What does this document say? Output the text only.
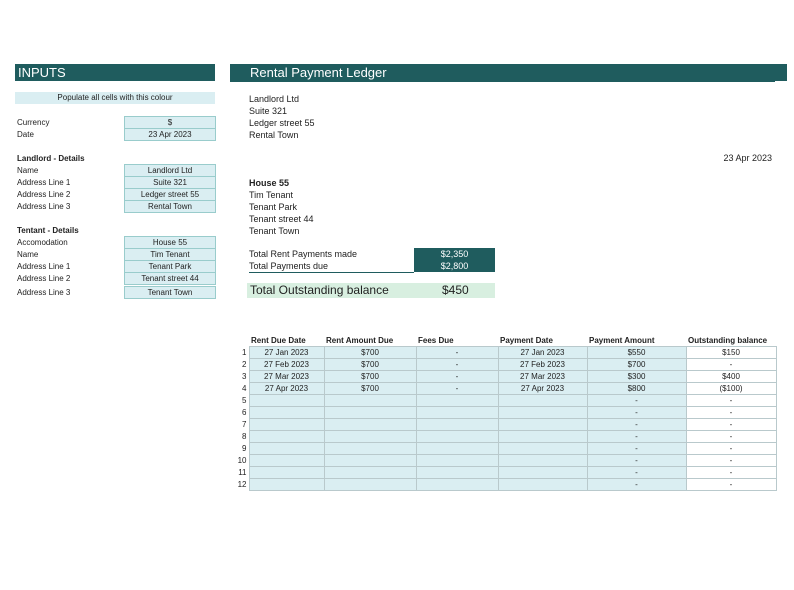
INPUTS
Populate all cells with this colour
Currency	$
Date	23 Apr 2023
Landlord - Details
Name	Landlord Ltd
Address Line 1	Suite 321
Address Line 2	Ledger street 55
Address Line 3	Rental Town
Tentant - Details
Accomodation	House 55
Name	Tim Tenant
Address Line 1	Tenant Park
Address Line 2	Tenant street 44
Address Line 3	Tenant Town
Rental Payment Ledger
Landlord Ltd
Suite 321
Ledger street 55
Rental Town
23 Apr 2023
House 55
Tim Tenant
Tenant Park
Tenant street 44
Tenant Town
Total Rent Payments made	$2,350
Total Payments due	$2,800
Total Outstanding balance	$450
	Rent Due Date	Rent Amount Due	Fees Due	Payment Date	Payment Amount	Outstanding balance
1	27 Jan 2023	$700	-	27 Jan 2023	$550	$150
2	27 Feb 2023	$700	-	27 Feb 2023	$700	-
3	27 Mar 2023	$700	-	27 Mar 2023	$300	$400
4	27 Apr 2023	$700	-	27 Apr 2023	$800	($100)
5					-	-
6					-	-
7					-	-
8					-	-
9					-	-
10					-	-
11					-	-
12					-	-
